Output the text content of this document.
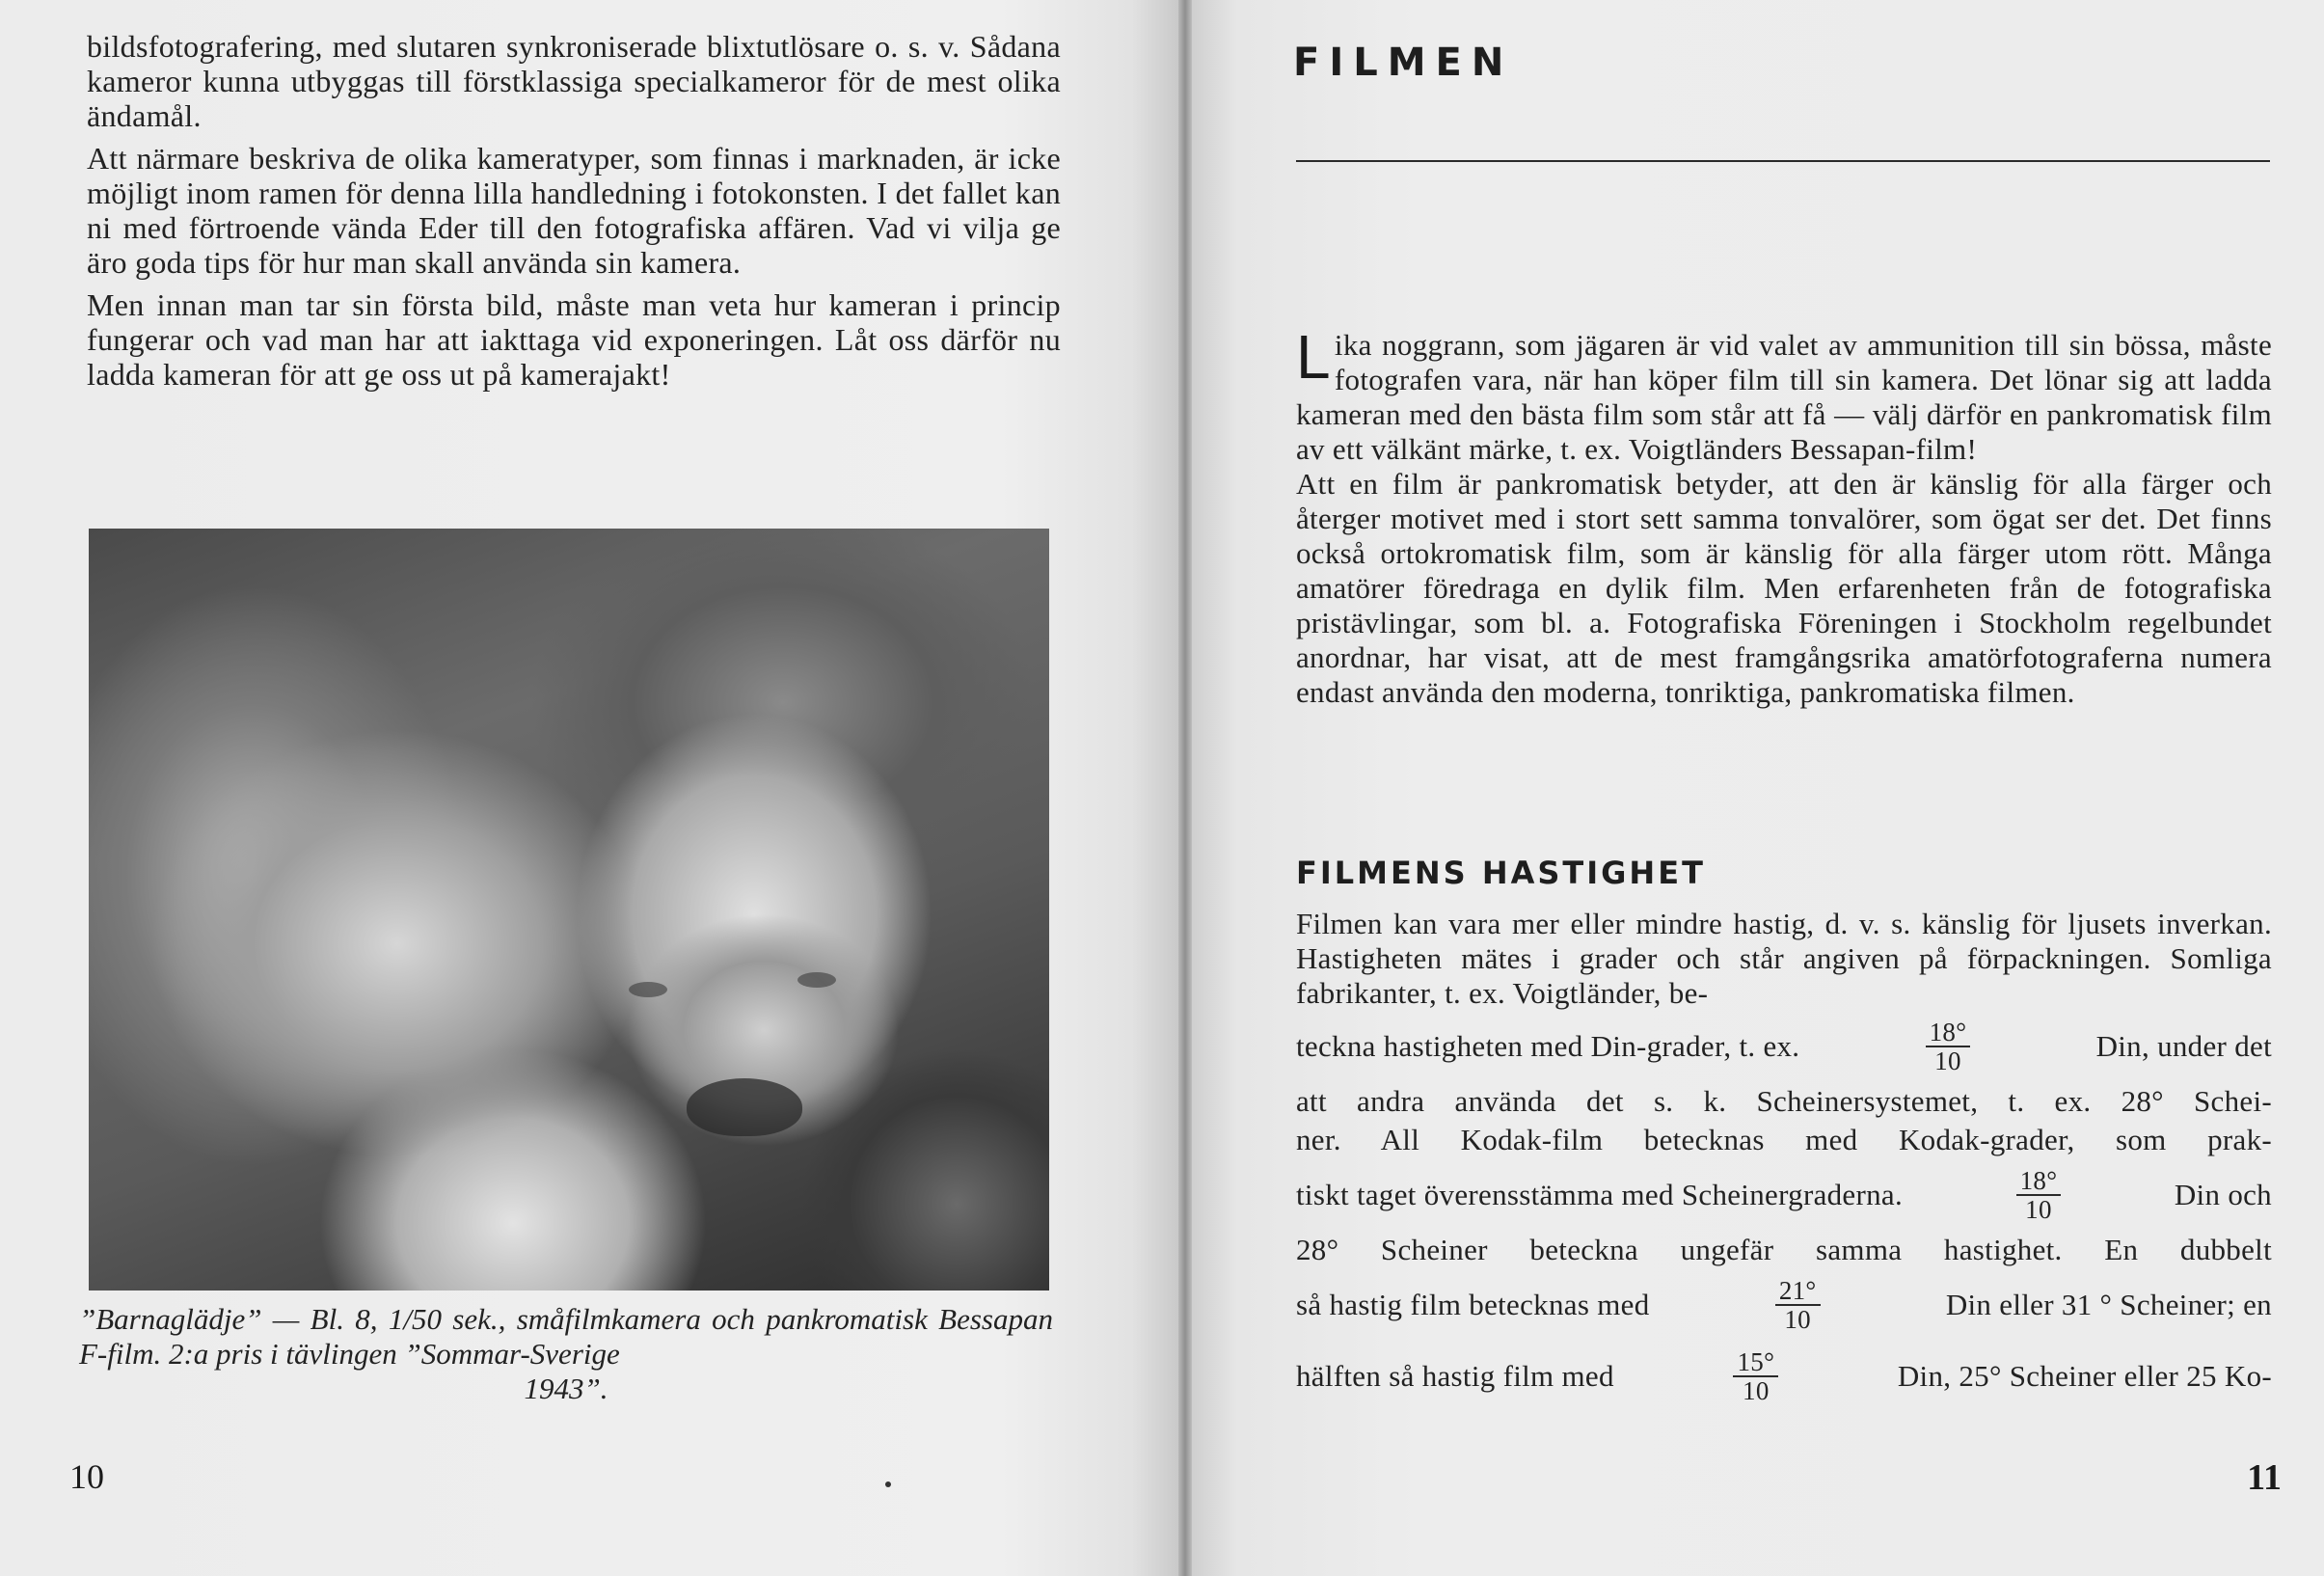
bildsfotografering, med slutaren synkroniserade blixtutlösare o. s. v. Sådana kameror kunna utbyggas till förstklassiga specialkameror för de mest olika ändamål.

Att närmare beskriva de olika kameratyper, som finnas i marknaden, är icke möjligt inom ramen för denna lilla handledning i fotokonsten. I det fallet kan ni med förtroende vända Eder till den fotografiska affären. Vad vi vilja ge äro goda tips för hur man skall använda sin kamera.

Men innan man tar sin första bild, måste man veta hur kameran i princip fungerar och vad man har att iakttaga vid exponeringen. Låt oss därför nu ladda kameran för att ge oss ut på kamerajakt!

”Barnaglädje” — Bl. 8, 1/50 sek., småfilmkamera och pankromatisk Bessapan F-film. 2:a pris i tävlingen ”Sommar-Sverige
1943”.
10
FILMEN

Lika noggrann, som jägaren är vid valet av ammunition till sin bössa, måste fotografen vara, när han köper film till sin kamera. Det lönar sig att ladda kameran med den bästa film som står att få — välj därför en pankromatisk film av ett välkänt märke, t. ex. Voigtländers Bessapan-film!

Att en film är pankromatisk betyder, att den är känslig för alla färger och återger motivet med i stort sett samma tonvalörer, som ögat ser det. Det finns också ortokromatisk film, som är känslig för alla färger utom rött. Många amatörer föredraga en dylik film. Men erfarenheten från de fotografiska pristävlingar, som bl. a. Fotografiska Föreningen i Stockholm regelbundet anordnar, har visat, att de mest framgångsrika amatörfotograferna numera endast använda den moderna, tonriktiga, pankromatiska filmen.

FILMENS HASTIGHET
Filmen kan vara mer eller mindre hastig, d. v. s. känslig för ljusets inverkan. Hastigheten mätes i grader och står angiven på förpackningen. Somliga fabrikanter, t. ex. Voigtländer, be-
teckna hastigheten med Din-grader, t. ex.	$\frac{18^\circ}{10}$	Din, under det
att andra använda det s. k. Scheinersystemet, t. ex. 28° Schei-
ner. All Kodak-film betecknas med Kodak-grader, som prak-
tiskt taget överensstämma med Scheinergraderna.	$\frac{18^\circ}{10}$	Din och
28° Scheiner beteckna ungefär samma hastighet. En dubbelt
så hastig film betecknas med	$\frac{21^\circ}{10}$	Din eller 31 ° Scheiner; en
hälften så hastig film med	$\frac{15^\circ}{10}$	Din, 25° Scheiner eller 25 Ko-
11
